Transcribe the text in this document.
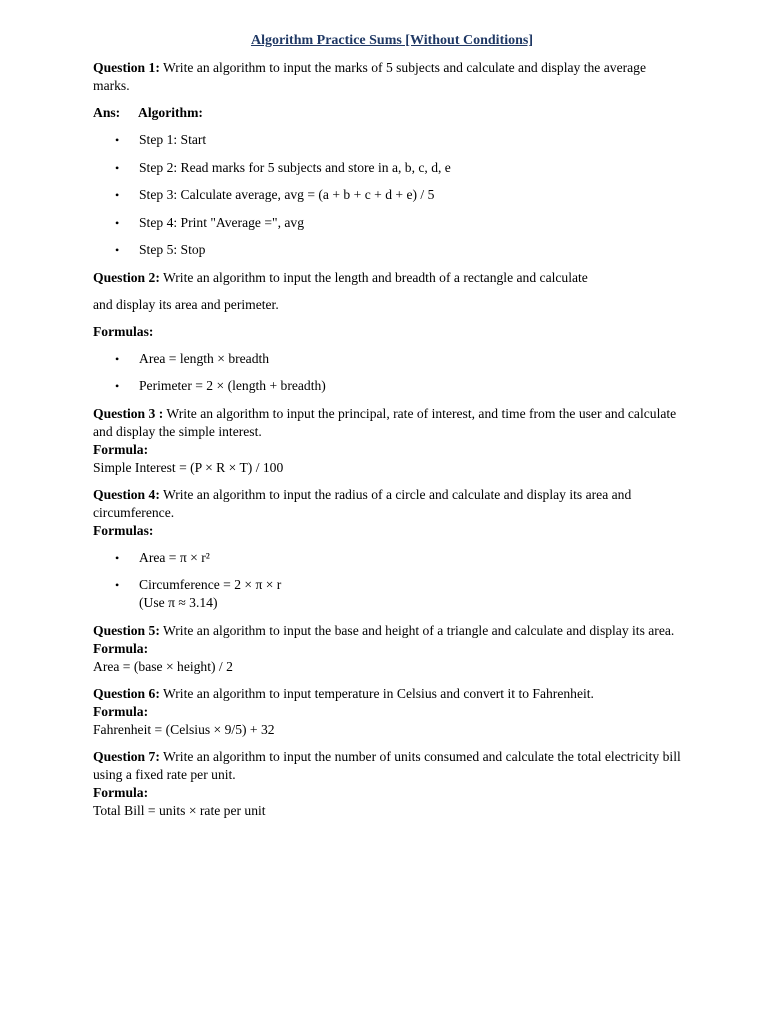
Algorithm Practice Sums [Without Conditions]
Question 1: Write an algorithm to input the marks of 5 subjects and calculate and display the average marks.
Ans: Algorithm:
• Step 1: Start
• Step 2: Read marks for 5 subjects and store in a, b, c, d, e
• Step 3: Calculate average, avg = (a + b + c + d + e) / 5
• Step 4: Print "Average =", avg
• Step 5: Stop
Question 2: Write an algorithm to input the length and breadth of a rectangle and calculate
and display its area and perimeter.
Formulas:
• Area = length × breadth
• Perimeter = 2 × (length + breadth)
Question 3 : Write an algorithm to input the principal, rate of interest, and time from the user and calculate and display the simple interest.
Formula:
Simple Interest = (P × R × T) / 100
Question 4: Write an algorithm to input the radius of a circle and calculate and display its area and circumference.
Formulas:
• Area = π × r²
• Circumference = 2 × π × r
(Use π ≈ 3.14)
Question 5: Write an algorithm to input the base and height of a triangle and calculate and display its area.
Formula:
Area = (base × height) / 2
Question 6: Write an algorithm to input temperature in Celsius and convert it to Fahrenheit.
Formula:
Fahrenheit = (Celsius × 9/5) + 32
Question 7: Write an algorithm to input the number of units consumed and calculate the total electricity bill using a fixed rate per unit.
Formula:
Total Bill = units × rate per unit
